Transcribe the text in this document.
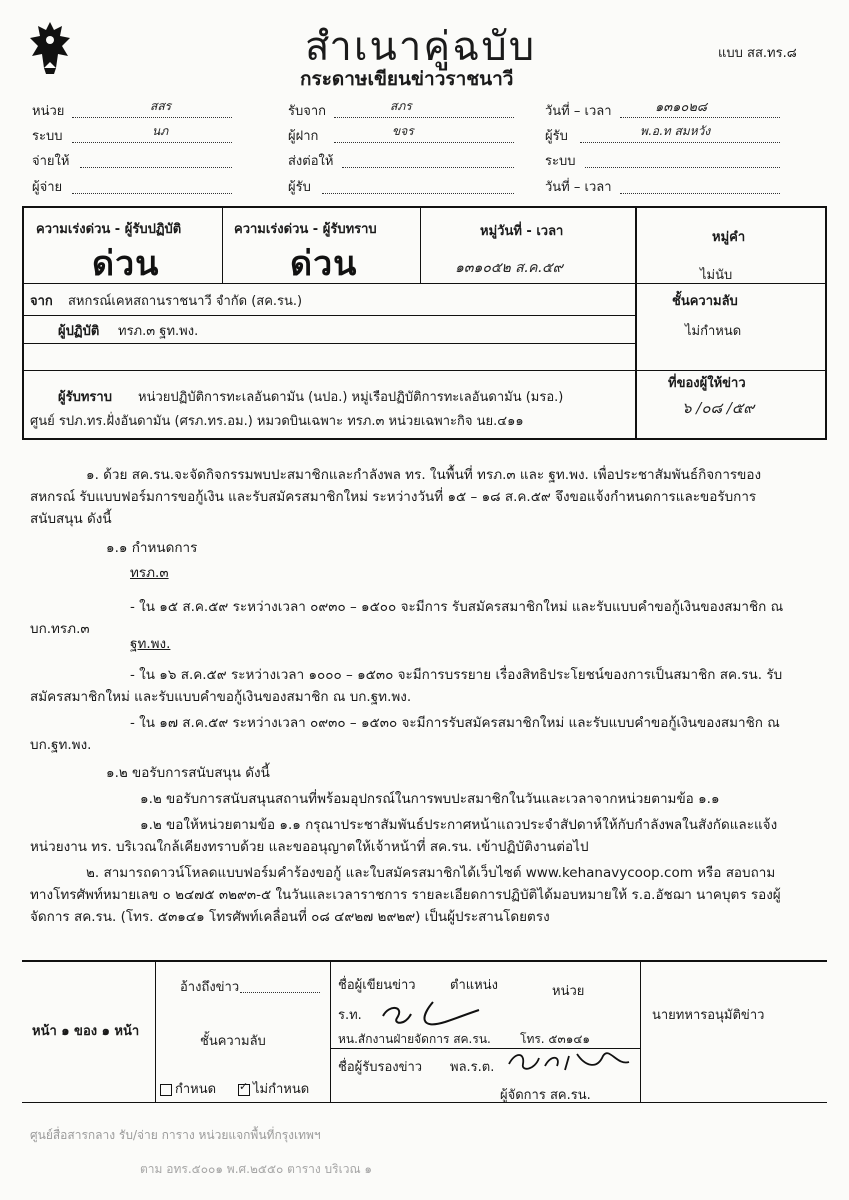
สำเนาคู่ฉบับ
กระดาษเขียนข่าวราชนาวี
แบบ สส.ทร.๘
หน่วย	สสร
ระบบ	นภ
จ่ายให้
ผู้จ่าย
รับจาก	สภร
ผู้ฝาก	ขจร
ส่งต่อให้
ผู้รับ
วันที่ – เวลา	๑๓๑๐๒๘
ผู้รับ	พ.อ.ท สมหวัง
ระบบ
วันที่ – เวลา
ความเร่งด่วน - ผู้รับปฏิบัติ	ความเร่งด่วน - ผู้รับทราบ	หมู่วันที่ - เวลา	หมู่คำ
ด่วน	ด่วน	๑๓๑๐๕๒ ส.ค.๕๙	ไม่นับ
จาก สหกรณ์เคหสถานราชนาวี จำกัด (สค.รน.)
ผู้ปฏิบัติ ทรภ.๓ ฐท.พง.
ผู้รับทราบ หน่วยปฏิบัติการทะเลอันดามัน (นปอ.) หมู่เรือปฏิบัติการทะเลอันดามัน (มรอ.)
ศูนย์ รปภ.ทร.ฝั่งอันดามัน (ศรภ.ทร.อม.) หมวดบินเฉพาะ ทรภ.๓ หน่วยเฉพาะกิจ นย.๔๑๑
ชั้นความลับ
ไม่กำหนด
ที่ของผู้ให้ข่าว
๖ /๐๘ /๕๙
๑. ด้วย สค.รน.จะจัดกิจกรรมพบปะสมาชิกและกำลังพล ทร. ในพื้นที่ ทรภ.๓ และ ฐท.พง. เพื่อประชาสัมพันธ์กิจการของสหกรณ์ รับแบบฟอร์มการขอกู้เงิน และรับสมัครสมาชิกใหม่ ระหว่างวันที่ ๑๕ – ๑๘ ส.ค.๕๙ จึงขอแจ้งกำหนดการและขอรับการสนับสนุน ดังนี้
๑.๑ กำหนดการ
ทรภ.๓
- ใน ๑๕ ส.ค.๕๙ ระหว่างเวลา ๐๙๓๐ – ๑๕๐๐ จะมีการ รับสมัครสมาชิกใหม่ และรับแบบคำขอกู้เงินของสมาชิก ณ บก.ทรภ.๓
ฐท.พง.
- ใน ๑๖ ส.ค.๕๙ ระหว่างเวลา ๑๐๐๐ – ๑๕๓๐ จะมีการบรรยาย เรื่องสิทธิประโยชน์ของการเป็นสมาชิก สค.รน. รับสมัครสมาชิกใหม่ และรับแบบคำขอกู้เงินของสมาชิก ณ บก.ฐท.พง.
- ใน ๑๗ ส.ค.๕๙ ระหว่างเวลา ๐๙๓๐ – ๑๕๓๐ จะมีการรับสมัครสมาชิกใหม่ และรับแบบคำขอกู้เงินของสมาชิก ณ บก.ฐท.พง.
๑.๒ ขอรับการสนับสนุน ดังนี้
๑.๒ ขอรับการสนับสนุนสถานที่พร้อมอุปกรณ์ในการพบปะสมาชิกในวันและเวลาจากหน่วยตามข้อ ๑.๑
๑.๒ ขอให้หน่วยตามข้อ ๑.๑ กรุณาประชาสัมพันธ์ประกาศหน้าแถวประจำสัปดาห์ให้กับกำลังพลในสังกัดและแจ้งหน่วยงาน ทร. บริเวณใกล้เคียงทราบด้วย และขออนุญาตให้เจ้าหน้าที่ สค.รน. เข้าปฏิบัติงานต่อไป
๒. สามารถดาวน์โหลดแบบฟอร์มคำร้องขอกู้ และใบสมัครสมาชิกได้เว็บไซต์ www.kehanavycoop.com หรือ สอบถามทางโทรศัพท์หมายเลข ๐ ๒๔๗๕ ๓๒๙๓-๕ ในวันและเวลาราชการ รายละเอียดการปฏิบัติได้มอบหมายให้ ร.อ.อัชฌา นาคบุตร รองผู้จัดการ สค.รน. (โทร. ๕๓๑๔๑ โทรศัพท์เคลื่อนที่ ๐๘ ๔๙๒๗ ๒๙๒๙) เป็นผู้ประสานโดยตรง
หน้า ๑ ของ ๑ หน้า
อ้างถึงข่าว
ชั้นความลับ
กำหนด
✓	ไม่กำหนด
ชื่อผู้เขียนข่าว	ตำแหน่ง	หน่วย
ร.ท.
หน.สักงานฝ่ายจัดการ สค.รน. โทร. ๕๓๑๔๑
ชื่อผู้รับรองข่าว พล.ร.ต.
ผู้จัดการ สค.รน.
นายทหารอนุมัติข่าว
ศูนย์สื่อสารกลาง รับ/จ่าย การาง หน่วยแจกพื้นที่กรุงเทพฯ
ตาม อทร.๕๐๐๑ พ.ศ.๒๕๕๐ ตาราง บริเวณ ๑
